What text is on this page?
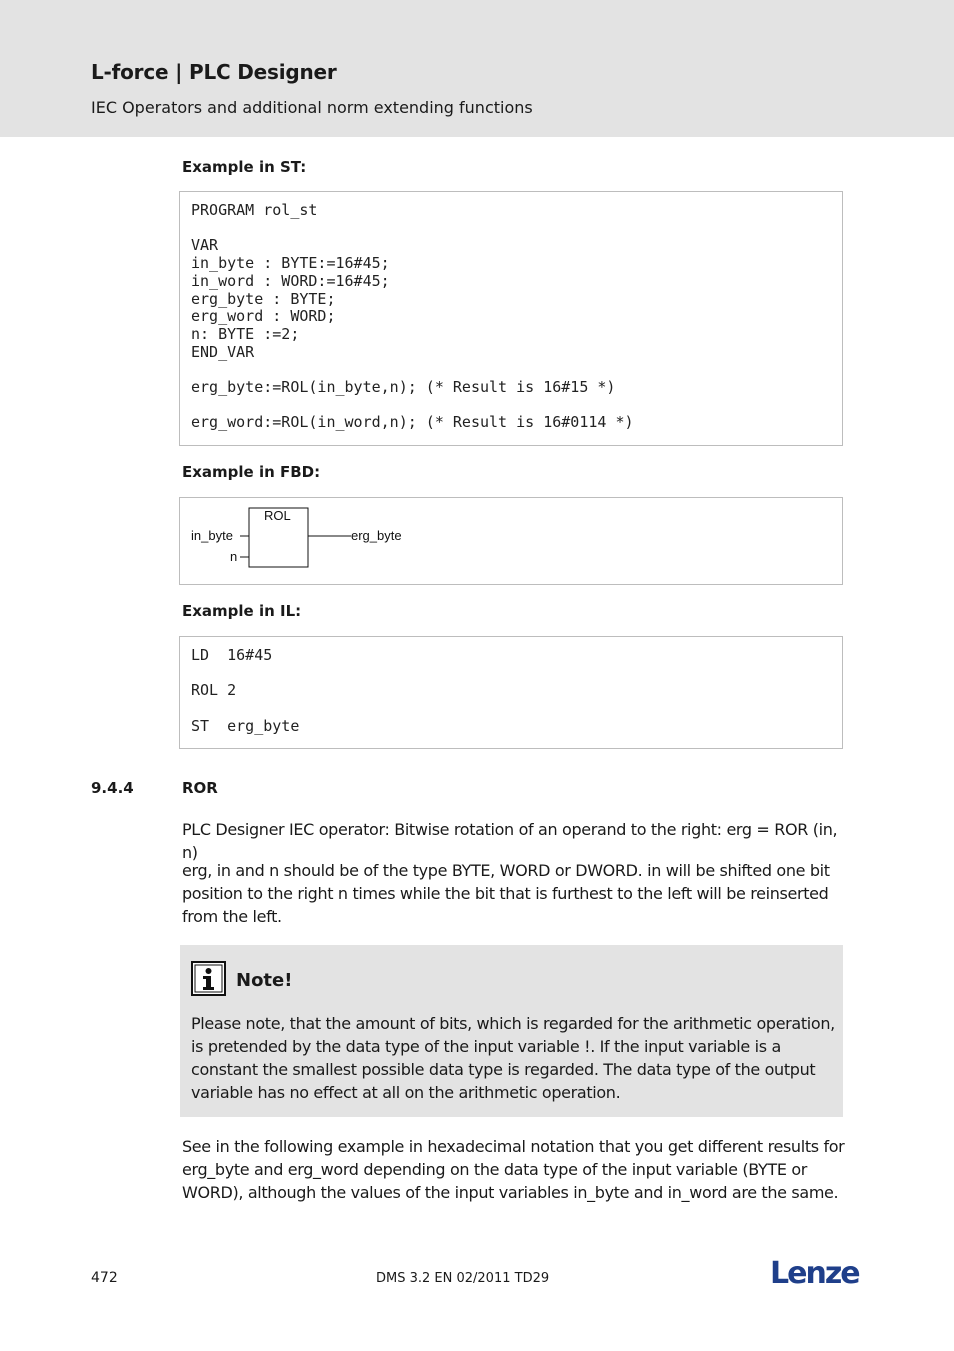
L-force | PLC Designer
IEC Operators and additional norm extending functions
Example in ST:
PROGRAM rol_st

VAR
in_byte : BYTE:=16#45;
in_word : WORD:=16#45;
erg_byte : BYTE;
erg_word : WORD;
n: BYTE :=2;
END_VAR

erg_byte:=ROL(in_byte,n); (* Result is 16#15 *)

erg_word:=ROL(in_word,n); (* Result is 16#0114 *)
Example in FBD:
ROL
in_byte
n
erg_byte
Example in IL:
LD  16#45

ROL 2

ST  erg_byte
9.4.4	ROR

PLC Designer IEC operator: Bitwise rotation of an operand to the right: erg = ROR (in, n)

erg, in and n should be of the type BYTE, WORD or DWORD. in will be shifted one bit position to the right n times while the bit that is furthest to the left will be reinserted from the left.

Note!

Please note, that the amount of bits, which is regarded for the arithmetic operation, is pretended by the data type of the input variable !. If the input variable is a constant the smallest possible data type is regarded. The data type of the output variable has no effect at all on the arithmetic operation.

See in the following example in hexadecimal notation that you get different results for erg_byte and erg_word depending on the data type of the input variable (BYTE or WORD), although the values of the input variables in_byte and in_word are the same.

472	DMS 3.2 EN 02/2011 TD29	Lenze
